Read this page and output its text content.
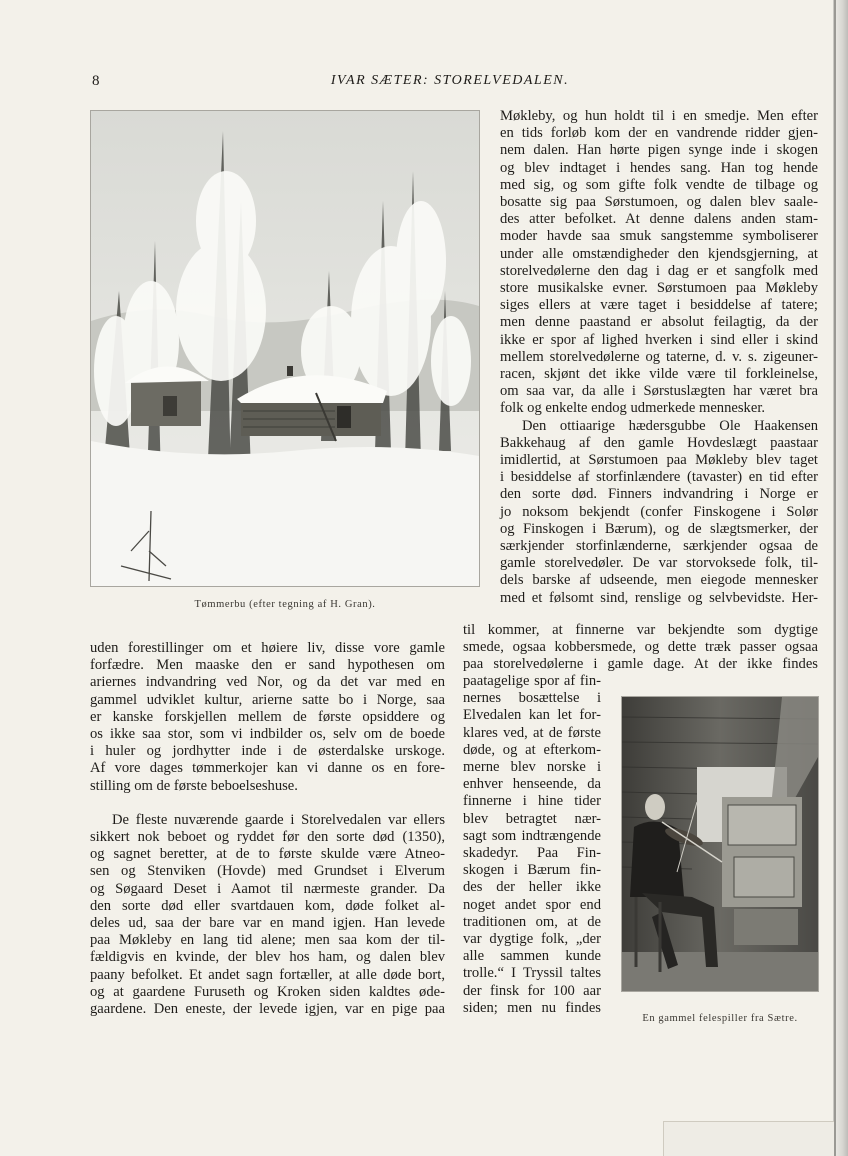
8	IVAR SÆTER: STORELVEDALEN.
Tømmerbu (efter tegning af H. Gran).

Møkleby, og hun holdt til i en smedje. Men efter

en tids forløb kom der en vandrende ridder gjen-

nem dalen. Han hørte pigen synge inde i skogen

og blev indtaget i hendes sang. Han tog hende

med sig, og som gifte folk vendte de tilbage og

bosatte sig paa Sørstumoen, og dalen blev saale-

des atter befolket. At denne dalens anden stam-

moder havde saa smuk sangstemme symboliserer

under alle omstændigheder den kjendsgjerning, at

storelvedølerne den dag i dag er et sangfolk med

store musikalske evner. Sørstumoen paa Møkleby

siges ellers at være taget i besiddelse af tatere;

men denne paastand er absolut feilagtig, da der

ikke er spor af lighed hverken i sind eller i skind

mellem storelvedølerne og taterne, d. v. s. zigeuner-

racen, skjønt det ikke vilde være til forkleinelse,

om saa var, da alle i Sørstuslægten har været bra

folk og enkelte endog udmerkede mennesker.

Den ottiaarige hædersgubbe Ole Haakensen

Bakkehaug af den gamle Hovdeslægt paastaar

imidlertid, at Sørstumoen paa Møkleby blev taget

i besiddelse af storfinlændere (tavaster) en tid efter

den sorte død. Finners indvandring i Norge er

jo noksom bekjendt (confer Finskogene i Solør

og Finskogen i Bærum), og de slægtsmerker, der

særkjender storfinlænderne, særkjender ogsaa de

gamle storelvedøler. De var storvoksede folk, til-

dels barske af udseende, men eiegode mennesker

med et følsomt sind, renslige og selvbevidste. Her-

til kommer, at finnerne var bekjendte som dygtige

smede, ogsaa kobbersmede, og dette træk passer ogsaa

paa storelvedølerne i gamle dage. At der ikke findes

paatagelige spor af fin-

nernes bosættelse i

Elvedalen kan let for-

klares ved, at de første

døde, og at efterkom-

merne blev norske i

enhver henseende, da

finnerne i hine tider

blev betragtet nær-

sagt som indtrængende

skadedyr. Paa Fin-

skogen i Bærum fin-

des der heller ikke

noget andet spor end

traditionen om, at de

var dygtige folk, „der

alle sammen kunde

trolle.“ I Tryssil taltes

der finsk for 100 aar

siden; men nu findes

En gammel felespiller fra Sætre.

uden forestillinger om et høiere liv, disse vore gamle

forfædre. Men maaske den er sand hypothesen om

ariernes indvandring ved Nor, og da det var med en

gammel udviklet kultur, arierne satte bo i Norge, saa

er kanske forskjellen mellem de første opsiddere og

os ikke saa stor, som vi indbilder os, selv om de boede

i huler og jordhytter inde i de østerdalske urskoge.

Af vore dages tømmerkojer kan vi danne os en fore-

stilling om de første beboelseshuse.

De fleste nuværende gaarde i Storelvedalen var ellers

sikkert nok beboet og ryddet før den sorte død (1350),

og sagnet beretter, at de to første skulde være Atneo-

sen og Stenviken (Hovde) med Grundset i Elverum

og Søgaard Deset i Aamot til nærmeste grander. Da

den sorte død eller svartdauen kom, døde folket al-

deles ud, saa der bare var en mand igjen. Han levede

paa Møkleby en lang tid alene; men saa kom der til-

fældigvis en kvinde, der blev hos ham, og dalen blev

paany befolket. Et andet sagn fortæller, at alle døde bort,

og at gaardene Furuseth og Kroken siden kaldtes øde-

gaardene. Den eneste, der levede igjen, var en pige paa
